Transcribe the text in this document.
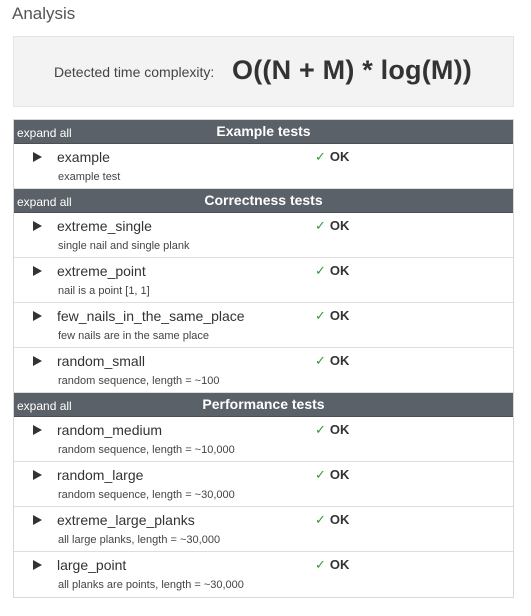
Analysis
Detected time complexity: O((N + M) * log(M))
expand all	Example tests
example
example test
✓ OK
expand all	Correctness tests
extreme_single
single nail and single plank
✓ OK
extreme_point
nail is a point [1, 1]
✓ OK
few_nails_in_the_same_place
few nails are in the same place
✓ OK
random_small
random sequence, length = ~100
✓ OK
expand all	Performance tests
random_medium
random sequence, length = ~10,000
✓ OK
random_large
random sequence, length = ~30,000
✓ OK
extreme_large_planks
all large planks, length = ~30,000
✓ OK
large_point
all planks are points, length = ~30,000
✓ OK
